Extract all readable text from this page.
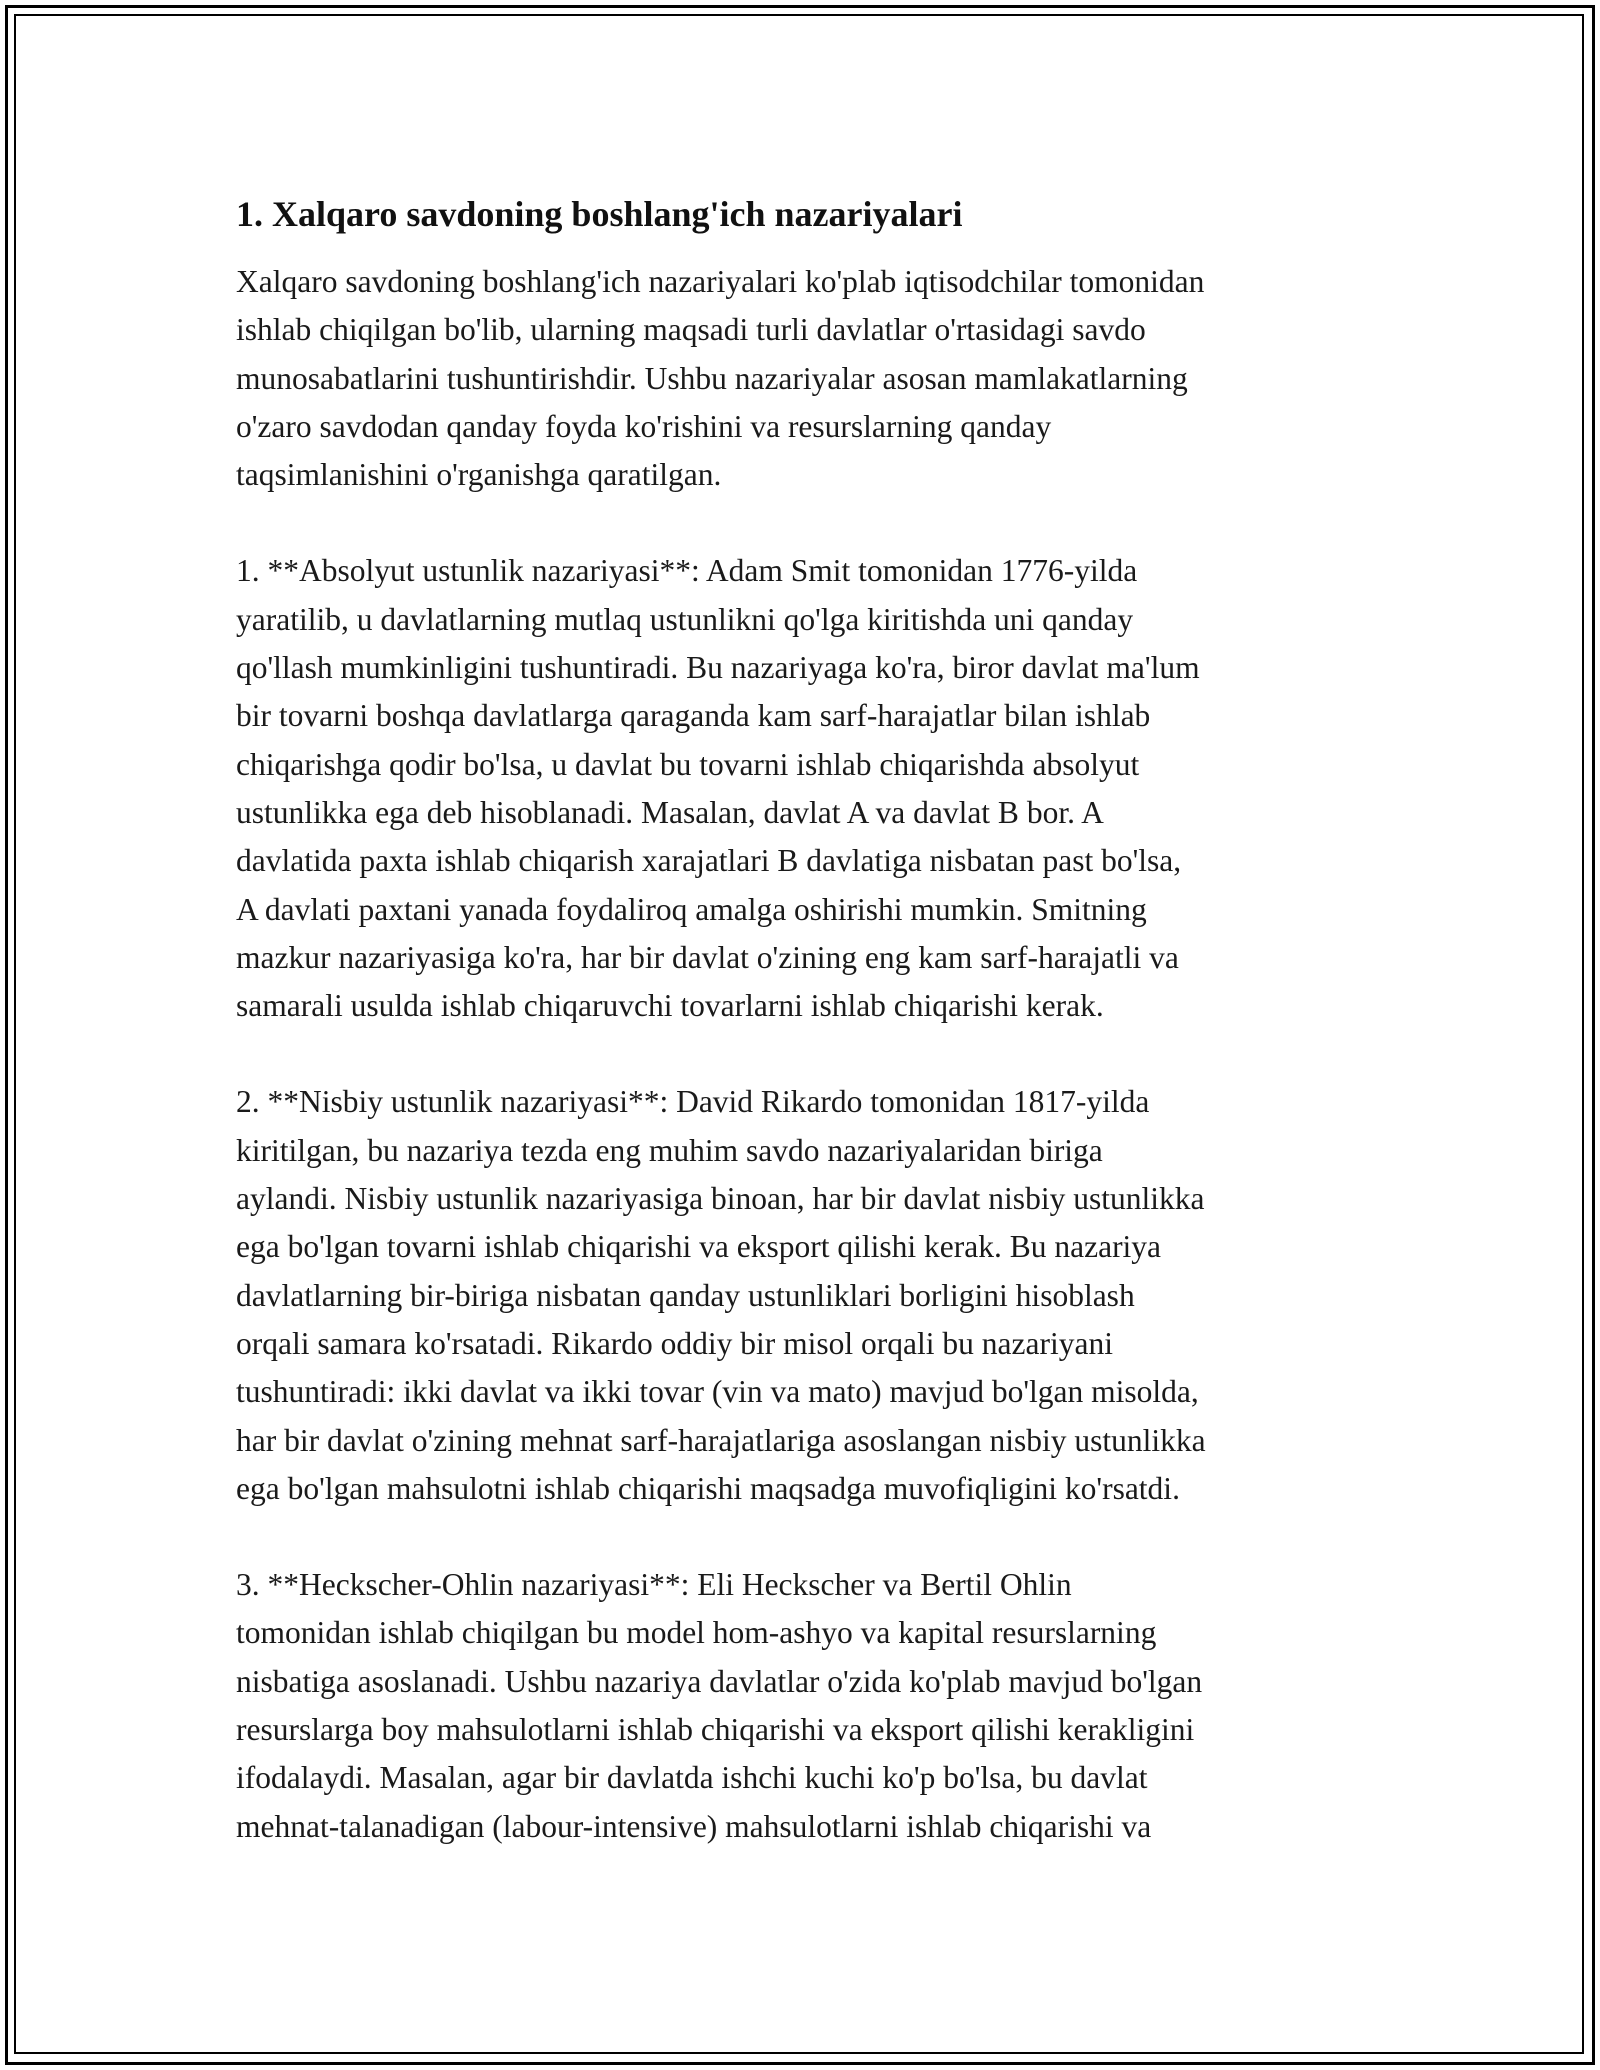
1. Xalqaro savdoning boshlang'ich nazariyalari

Xalqaro savdoning boshlang'ich nazariyalari ko'plab iqtisodchilar tomonidan
ishlab chiqilgan bo'lib, ularning maqsadi turli davlatlar o'rtasidagi savdo
munosabatlarini tushuntirishdir. Ushbu nazariyalar asosan mamlakatlarning
o'zaro savdodan qanday foyda ko'rishini va resurslarning qanday
taqsimlanishini o'rganishga qaratilgan.

1. **Absolyut ustunlik nazariyasi**: Adam Smit tomonidan 1776-yilda
yaratilib, u davlatlarning mutlaq ustunlikni qo'lga kiritishda uni qanday
qo'llash mumkinligini tushuntiradi. Bu nazariyaga ko'ra, biror davlat ma'lum
bir tovarni boshqa davlatlarga qaraganda kam sarf-harajatlar bilan ishlab
chiqarishga qodir bo'lsa, u davlat bu tovarni ishlab chiqarishda absolyut
ustunlikka ega deb hisoblanadi. Masalan, davlat A va davlat B bor. A
davlatida paxta ishlab chiqarish xarajatlari B davlatiga nisbatan past bo'lsa,
A davlati paxtani yanada foydaliroq amalga oshirishi mumkin. Smitning
mazkur nazariyasiga ko'ra, har bir davlat o'zining eng kam sarf-harajatli va
samarali usulda ishlab chiqaruvchi tovarlarni ishlab chiqarishi kerak.

2. **Nisbiy ustunlik nazariyasi**: David Rikardo tomonidan 1817-yilda
kiritilgan, bu nazariya tezda eng muhim savdo nazariyalaridan biriga
aylandi. Nisbiy ustunlik nazariyasiga binoan, har bir davlat nisbiy ustunlikka
ega bo'lgan tovarni ishlab chiqarishi va eksport qilishi kerak. Bu nazariya
davlatlarning bir-biriga nisbatan qanday ustunliklari borligini hisoblash
orqali samara ko'rsatadi. Rikardo oddiy bir misol orqali bu nazariyani
tushuntiradi: ikki davlat va ikki tovar (vin va mato) mavjud bo'lgan misolda,
har bir davlat o'zining mehnat sarf-harajatlariga asoslangan nisbiy ustunlikka
ega bo'lgan mahsulotni ishlab chiqarishi maqsadga muvofiqligini ko'rsatdi.

3. **Heckscher-Ohlin nazariyasi**: Eli Heckscher va Bertil Ohlin
tomonidan ishlab chiqilgan bu model hom-ashyo va kapital resurslarning
nisbatiga asoslanadi. Ushbu nazariya davlatlar o'zida ko'plab mavjud bo'lgan
resurslarga boy mahsulotlarni ishlab chiqarishi va eksport qilishi kerakligini
ifodalaydi. Masalan, agar bir davlatda ishchi kuchi ko'p bo'lsa, bu davlat
mehnat-talanadigan (labour-intensive) mahsulotlarni ishlab chiqarishi va
